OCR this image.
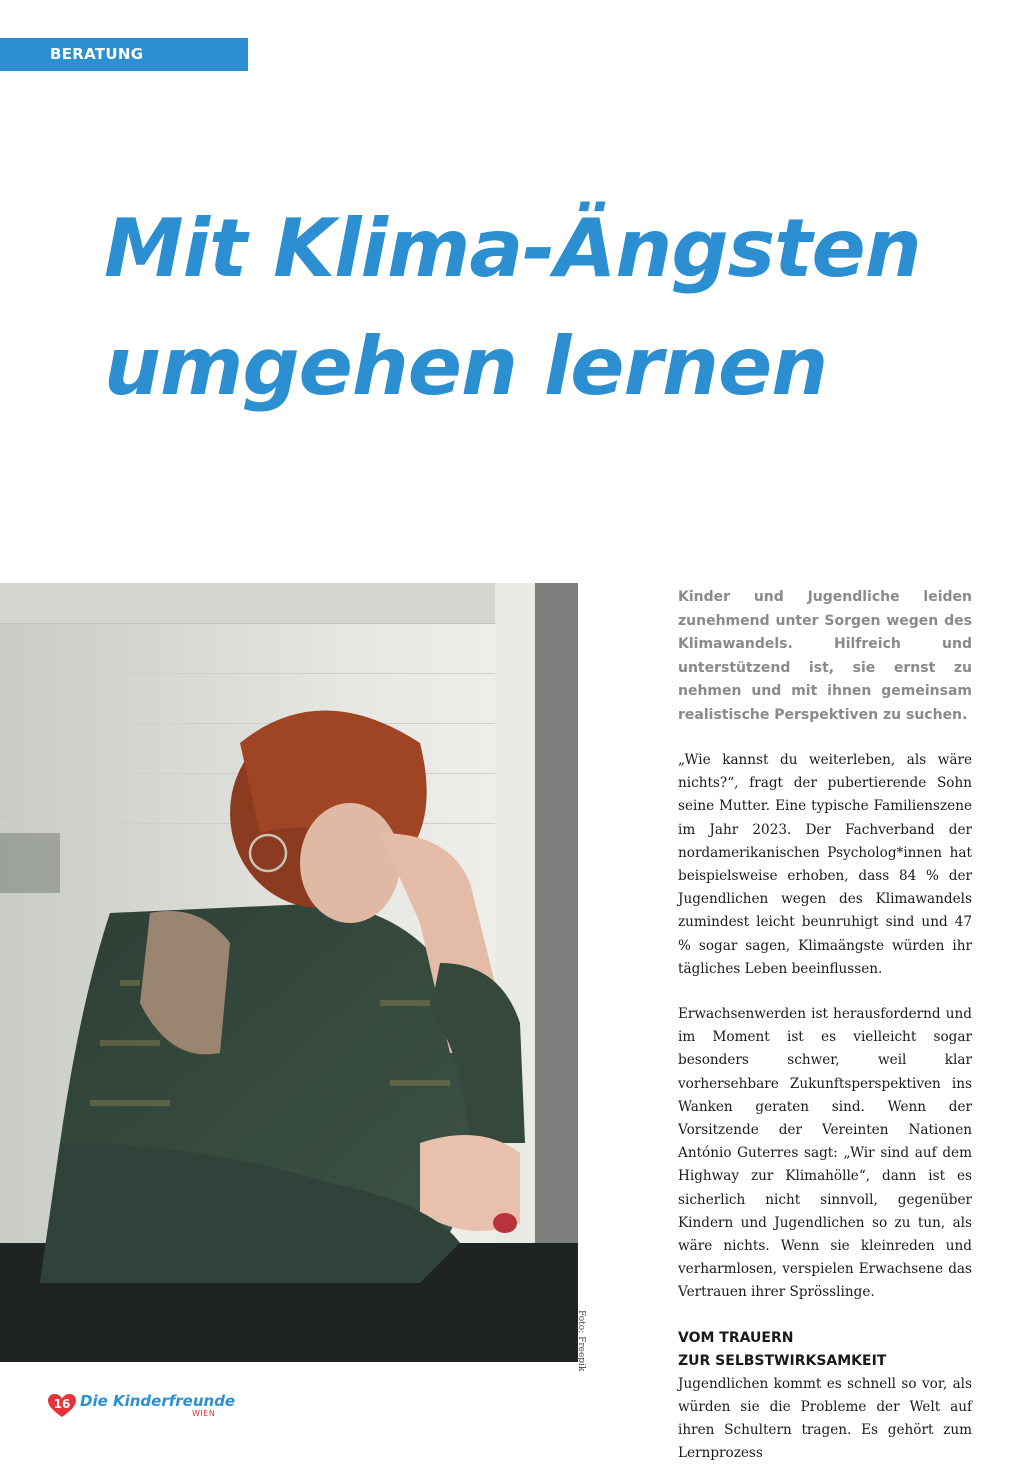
BERATUNG
Mit Klima-Ängsten
umgehen lernen
Foto: Freepik

Kinder und Jugendliche leiden zunehmend unter Sorgen wegen des Klimawandels. Hilfreich und unterstützend ist, sie ernst zu nehmen und mit ihnen gemeinsam realistische Perspektiven zu suchen.

„Wie kannst du weiterleben, als wäre nichts?“, fragt der pubertierende Sohn seine Mutter. Eine typische Familienszene im Jahr 2023. Der Fachverband der nordamerikanischen Psycholog*innen hat beispielsweise erhoben, dass 84 % der Jugendlichen wegen des Klimawandels zumindest leicht beunruhigt sind und 47 % sogar sagen, Klimaängste würden ihr tägliches Leben beeinflussen.

Erwachsenwerden ist herausfordernd und im Moment ist es vielleicht sogar besonders schwer, weil klar vorhersehbare Zukunftsperspektiven ins Wanken geraten sind. Wenn der Vorsitzende der Vereinten Nationen António Guterres sagt: „Wir sind auf dem Highway zur Klimahölle“, dann ist es sicherlich nicht sinnvoll, gegenüber Kindern und Jugendlichen so zu tun, als wäre nichts. Wenn sie kleinreden und verharmlosen, verspielen Erwachsene das Vertrauen ihrer Sprösslinge.

VOM TRAUERN
ZUR SELBSTWIRKSAMKEIT

Jugendlichen kommt es schnell so vor, als würden sie die Probleme der Welt auf ihren Schultern tragen. Es gehört zum Lernprozess

16 Die Kinderfreunde
WIEN
